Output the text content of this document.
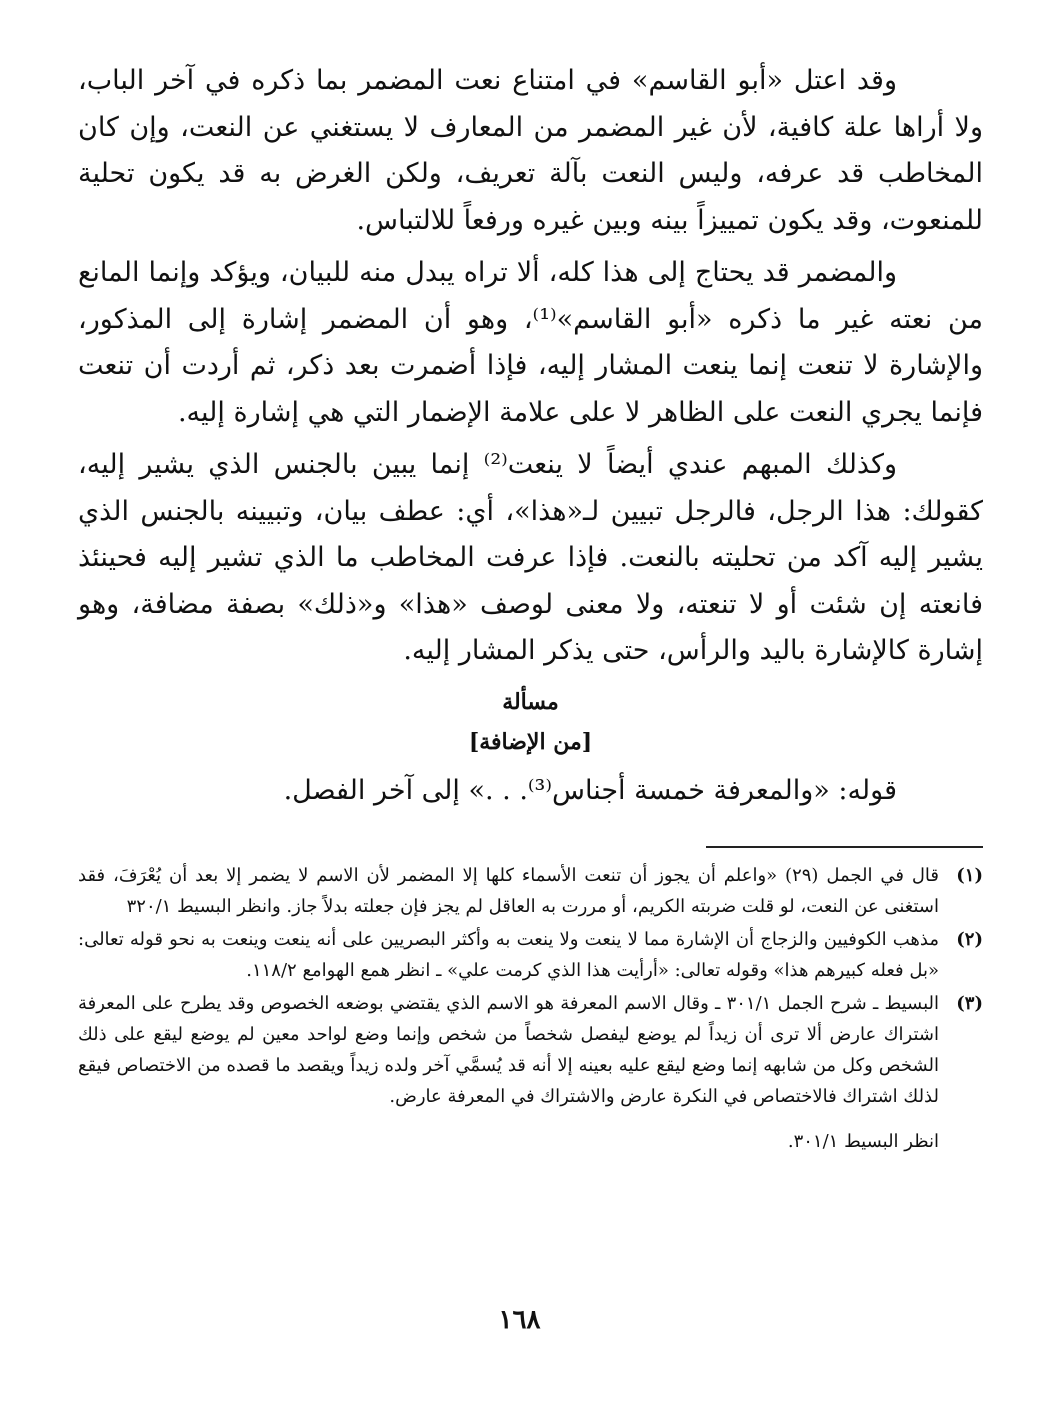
وقد اعتل «أبو القاسم» في امتناع نعت المضمر بما ذكره في آخر الباب، ولا أراها علة كافية، لأن غير المضمر من المعارف لا يستغني عن النعت، وإن كان المخاطب قد عرفه، وليس النعت بآلة تعريف، ولكن الغرض به قد يكون تحلية للمنعوت، وقد يكون تمييزاً بينه وبين غيره ورفعاً للالتباس.

والمضمر قد يحتاج إلى هذا كله، ألا تراه يبدل منه للبيان، ويؤكد وإنما المانع من نعته غير ما ذكره «أبو القاسم»⁽¹⁾، وهو أن المضمر إشارة إلى المذكور، والإشارة لا تنعت إنما ينعت المشار إليه، فإذا أضمرت بعد ذكر، ثم أردت أن تنعت فإنما يجري النعت على الظاهر لا على علامة الإضمار التي هي إشارة إليه.

وكذلك المبهم عندي أيضاً لا ينعت⁽²⁾ إنما يبين بالجنس الذي يشير إليه، كقولك: هذا الرجل، فالرجل تبيين لـ«هذا»، أي: عطف بيان، وتبيينه بالجنس الذي يشير إليه آكد من تحليته بالنعت. فإذا عرفت المخاطب ما الذي تشير إليه فحينئذ فانعته إن شئت أو لا تنعته، ولا معنى لوصف «هذا» و«ذلك» بصفة مضافة، وهو إشارة كالإشارة باليد والرأس، حتى يذكر المشار إليه.

مسألة
[من الإضافة]

قوله: «والمعرفة خمسة أجناس⁽³⁾. . .» إلى آخر الفصل.

(١)
قال في الجمل (٢٩) «واعلم أن يجوز أن تنعت الأسماء كلها إلا المضمر لأن الاسم لا يضمر إلا بعد أن يُعْرَفَ، فقد استغنى عن النعت، لو قلت ضربته الكريم، أو مررت به العاقل لم يجز فإن جعلته بدلاً جاز. وانظر البسيط ٣٢٠/١
(٢)
مذهب الكوفيين والزجاج أن الإشارة مما لا ينعت ولا ينعت به وأكثر البصريين على أنه ينعت وينعت به نحو قوله تعالى: «بل فعله كبيرهم هذا» وقوله تعالى: «أرأيت هذا الذي كرمت علي» ـ انظر همع الهوامع ١١٨/٢.
(٣)
البسيط ـ شرح الجمل ٣٠١/١ ـ وقال الاسم المعرفة هو الاسم الذي يقتضي بوضعه الخصوص وقد يطرح على المعرفة اشتراك عارض ألا ترى أن زيداً لم يوضع ليفصل شخصاً من شخص وإنما وضع لواحد معين لم يوضع ليقع على ذلك الشخص وكل من شابهه إنما وضع ليقع عليه بعينه إلا أنه قد يُسمَّي آخر ولده زيداً ويقصد ما قصده من الاختصاص فيقع لذلك اشتراك فالاختصاص في النكرة عارض والاشتراك في المعرفة عارض.
انظر البسيط ٣٠١/١.
١٦٨
